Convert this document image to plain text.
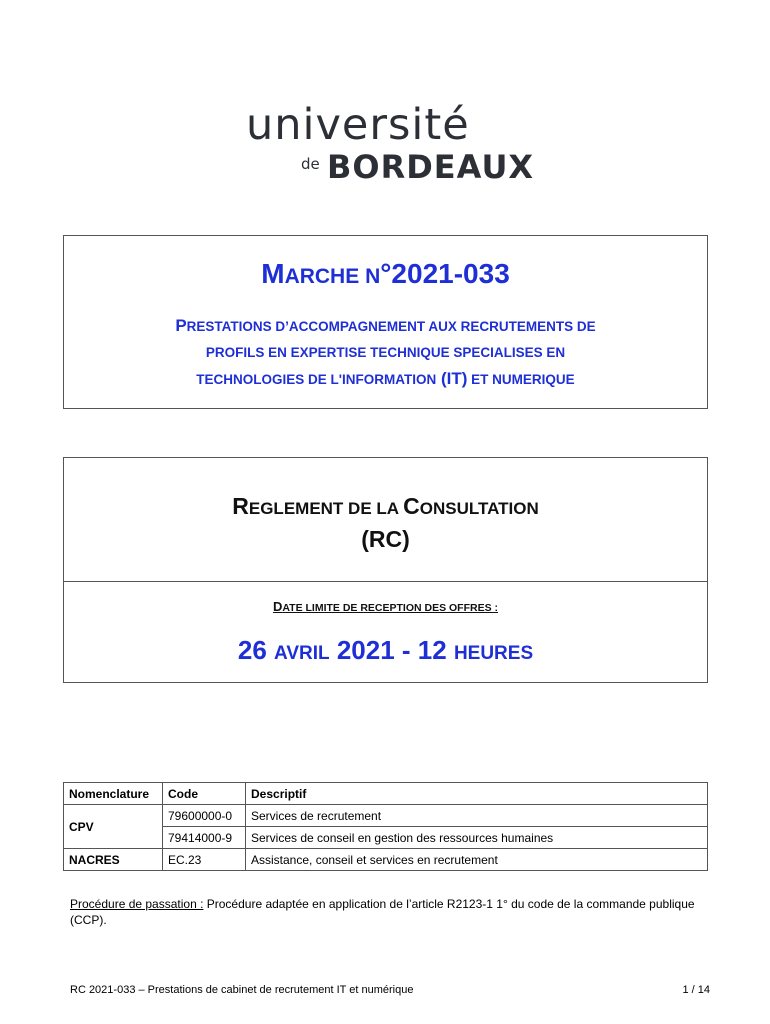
université
de BORDEAUX
MARCHE N°2021-033
PRESTATIONS D’ACCOMPAGNEMENT AUX RECRUTEMENTS DE
PROFILS EN EXPERTISE TECHNIQUE SPECIALISES EN
TECHNOLOGIES DE L'INFORMATION (IT) ET NUMERIQUE
REGLEMENT DE LA CONSULTATION
(RC)
DATE LIMITE DE RECEPTION DES OFFRES :
26 AVRIL 2021 - 12 HEURES
Nomenclature	Code	Descriptif
CPV	79600000-0	Services de recrutement
	79414000-9	Services de conseil en gestion des ressources humaines
NACRES	EC.23	Assistance, conseil et services en recrutement
Procédure de passation : Procédure adaptée en application de l’article R2123-1 1° du code de la commande publique (CCP).
RC 2021-033 – Prestations de cabinet de recrutement IT et numérique	1 / 14
